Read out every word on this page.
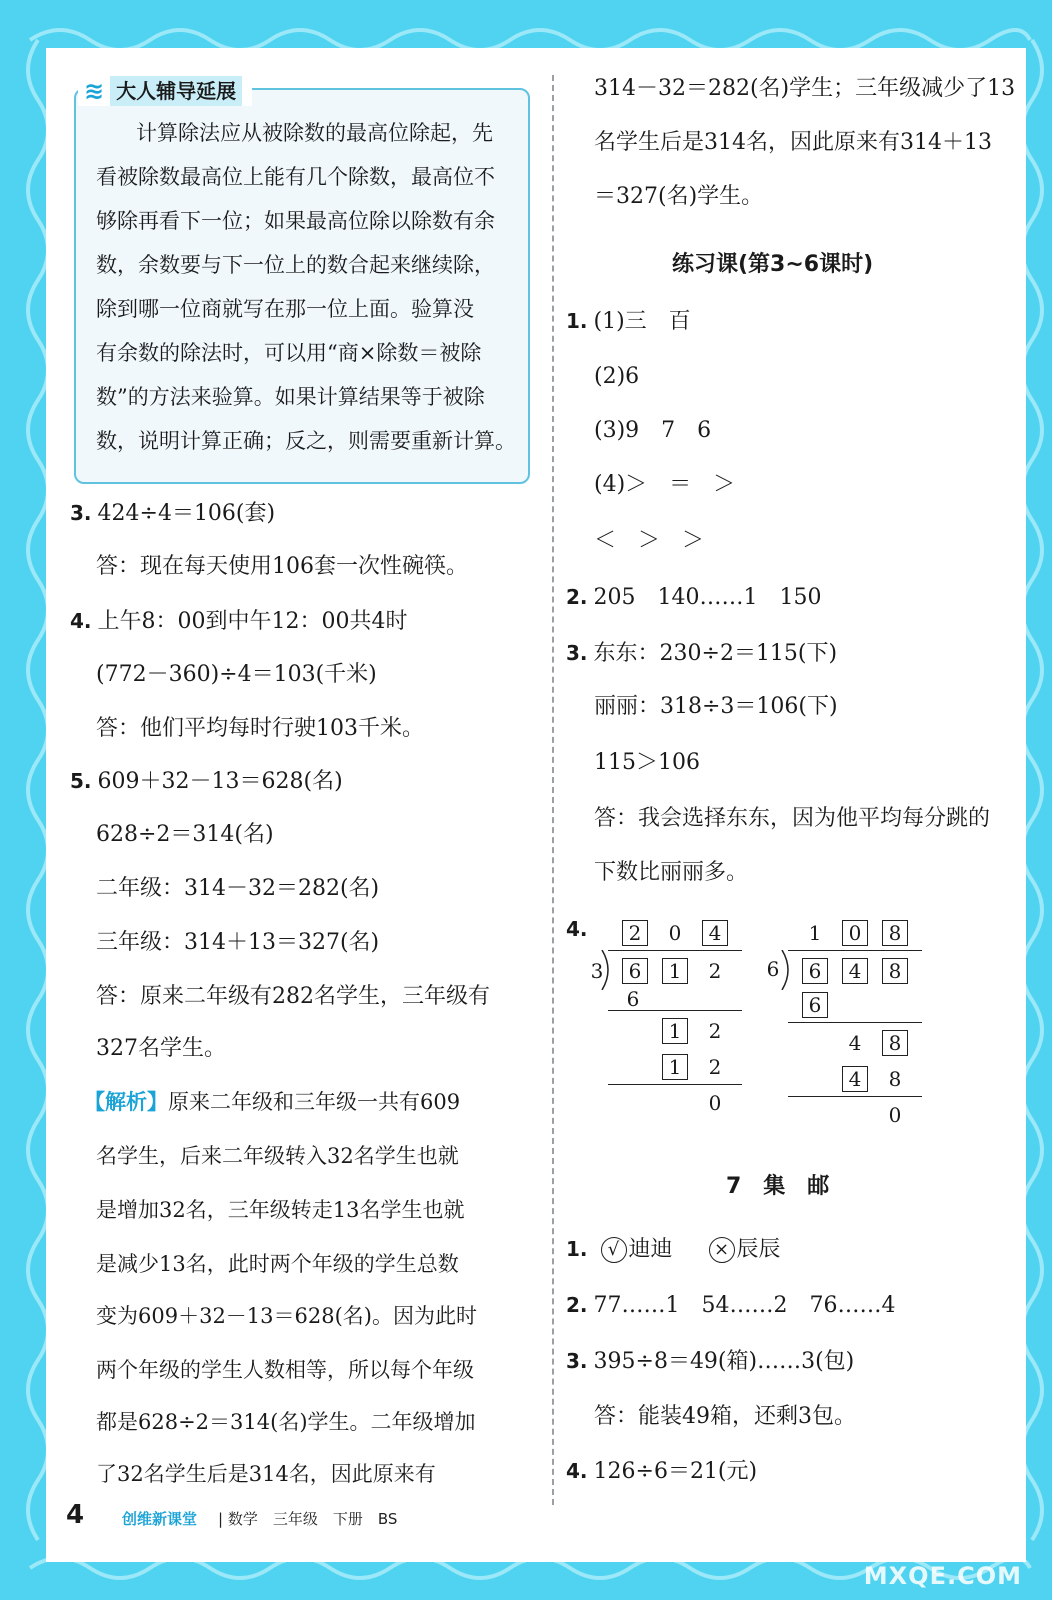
≋ 大人辅导延展
计算除法应从被除数的最高位除起，先
看被除数最高位上能有几个除数，最高位不
够除再看下一位；如果最高位除以除数有余
数，余数要与下一位上的数合起来继续除，
除到哪一位商就写在那一位上面。验算没
有余数的除法时，可以用“商×除数＝被除
数”的方法来验算。如果计算结果等于被除
数，说明计算正确；反之，则需要重新计算。
3. 424÷4＝106(套)
答：现在每天使用106套一次性碗筷。
4. 上午8：00到中午12：00共4时
(772－360)÷4＝103(千米)
答：他们平均每时行驶103千米。
5. 609＋32－13＝628(名)
628÷2＝314(名)
二年级：314－32＝282(名)
三年级：314＋13＝327(名)
答：原来二年级有282名学生，三年级有
327名学生。
【解析】原来二年级和三年级一共有609
名学生，后来二年级转入32名学生也就
是增加32名，三年级转走13名学生也就
是减少13名，此时两个年级的学生总数
变为609＋32－13＝628(名)。因为此时
两个年级的学生人数相等，所以每个年级
都是628÷2＝314(名)学生。二年级增加
了32名学生后是314名，因此原来有
314－32＝282(名)学生；三年级减少了13
名学生后是314名，因此原来有314＋13
＝327(名)学生。
练习课(第3~6课时)
1. (1)三　百
(2)6
(3)9　7　6
(4)＞　＝　＞
＜　＞　＞
2. 205　140……1　150
3. 东东：230÷2＝115(下)
丽丽：318÷3＝106(下)
115＞106
答：我会选择东东，因为他平均每分跳的
下数比丽丽多。
4.	2	0	4
3	6	1	2
6
1	2
1	2
0
1	0	8
6	6	4	8
6
4	8
4	8
0
7　集　邮
1. √ 迪迪 × 辰辰
2. 77……1　54……2　76……4
3. 395÷8＝49(箱)……3(包)
答：能装49箱，还剩3包。
4. 126÷6＝21(元)
4	创维新课堂 | 数学　三年级　下册　BS
MXQE.COM
